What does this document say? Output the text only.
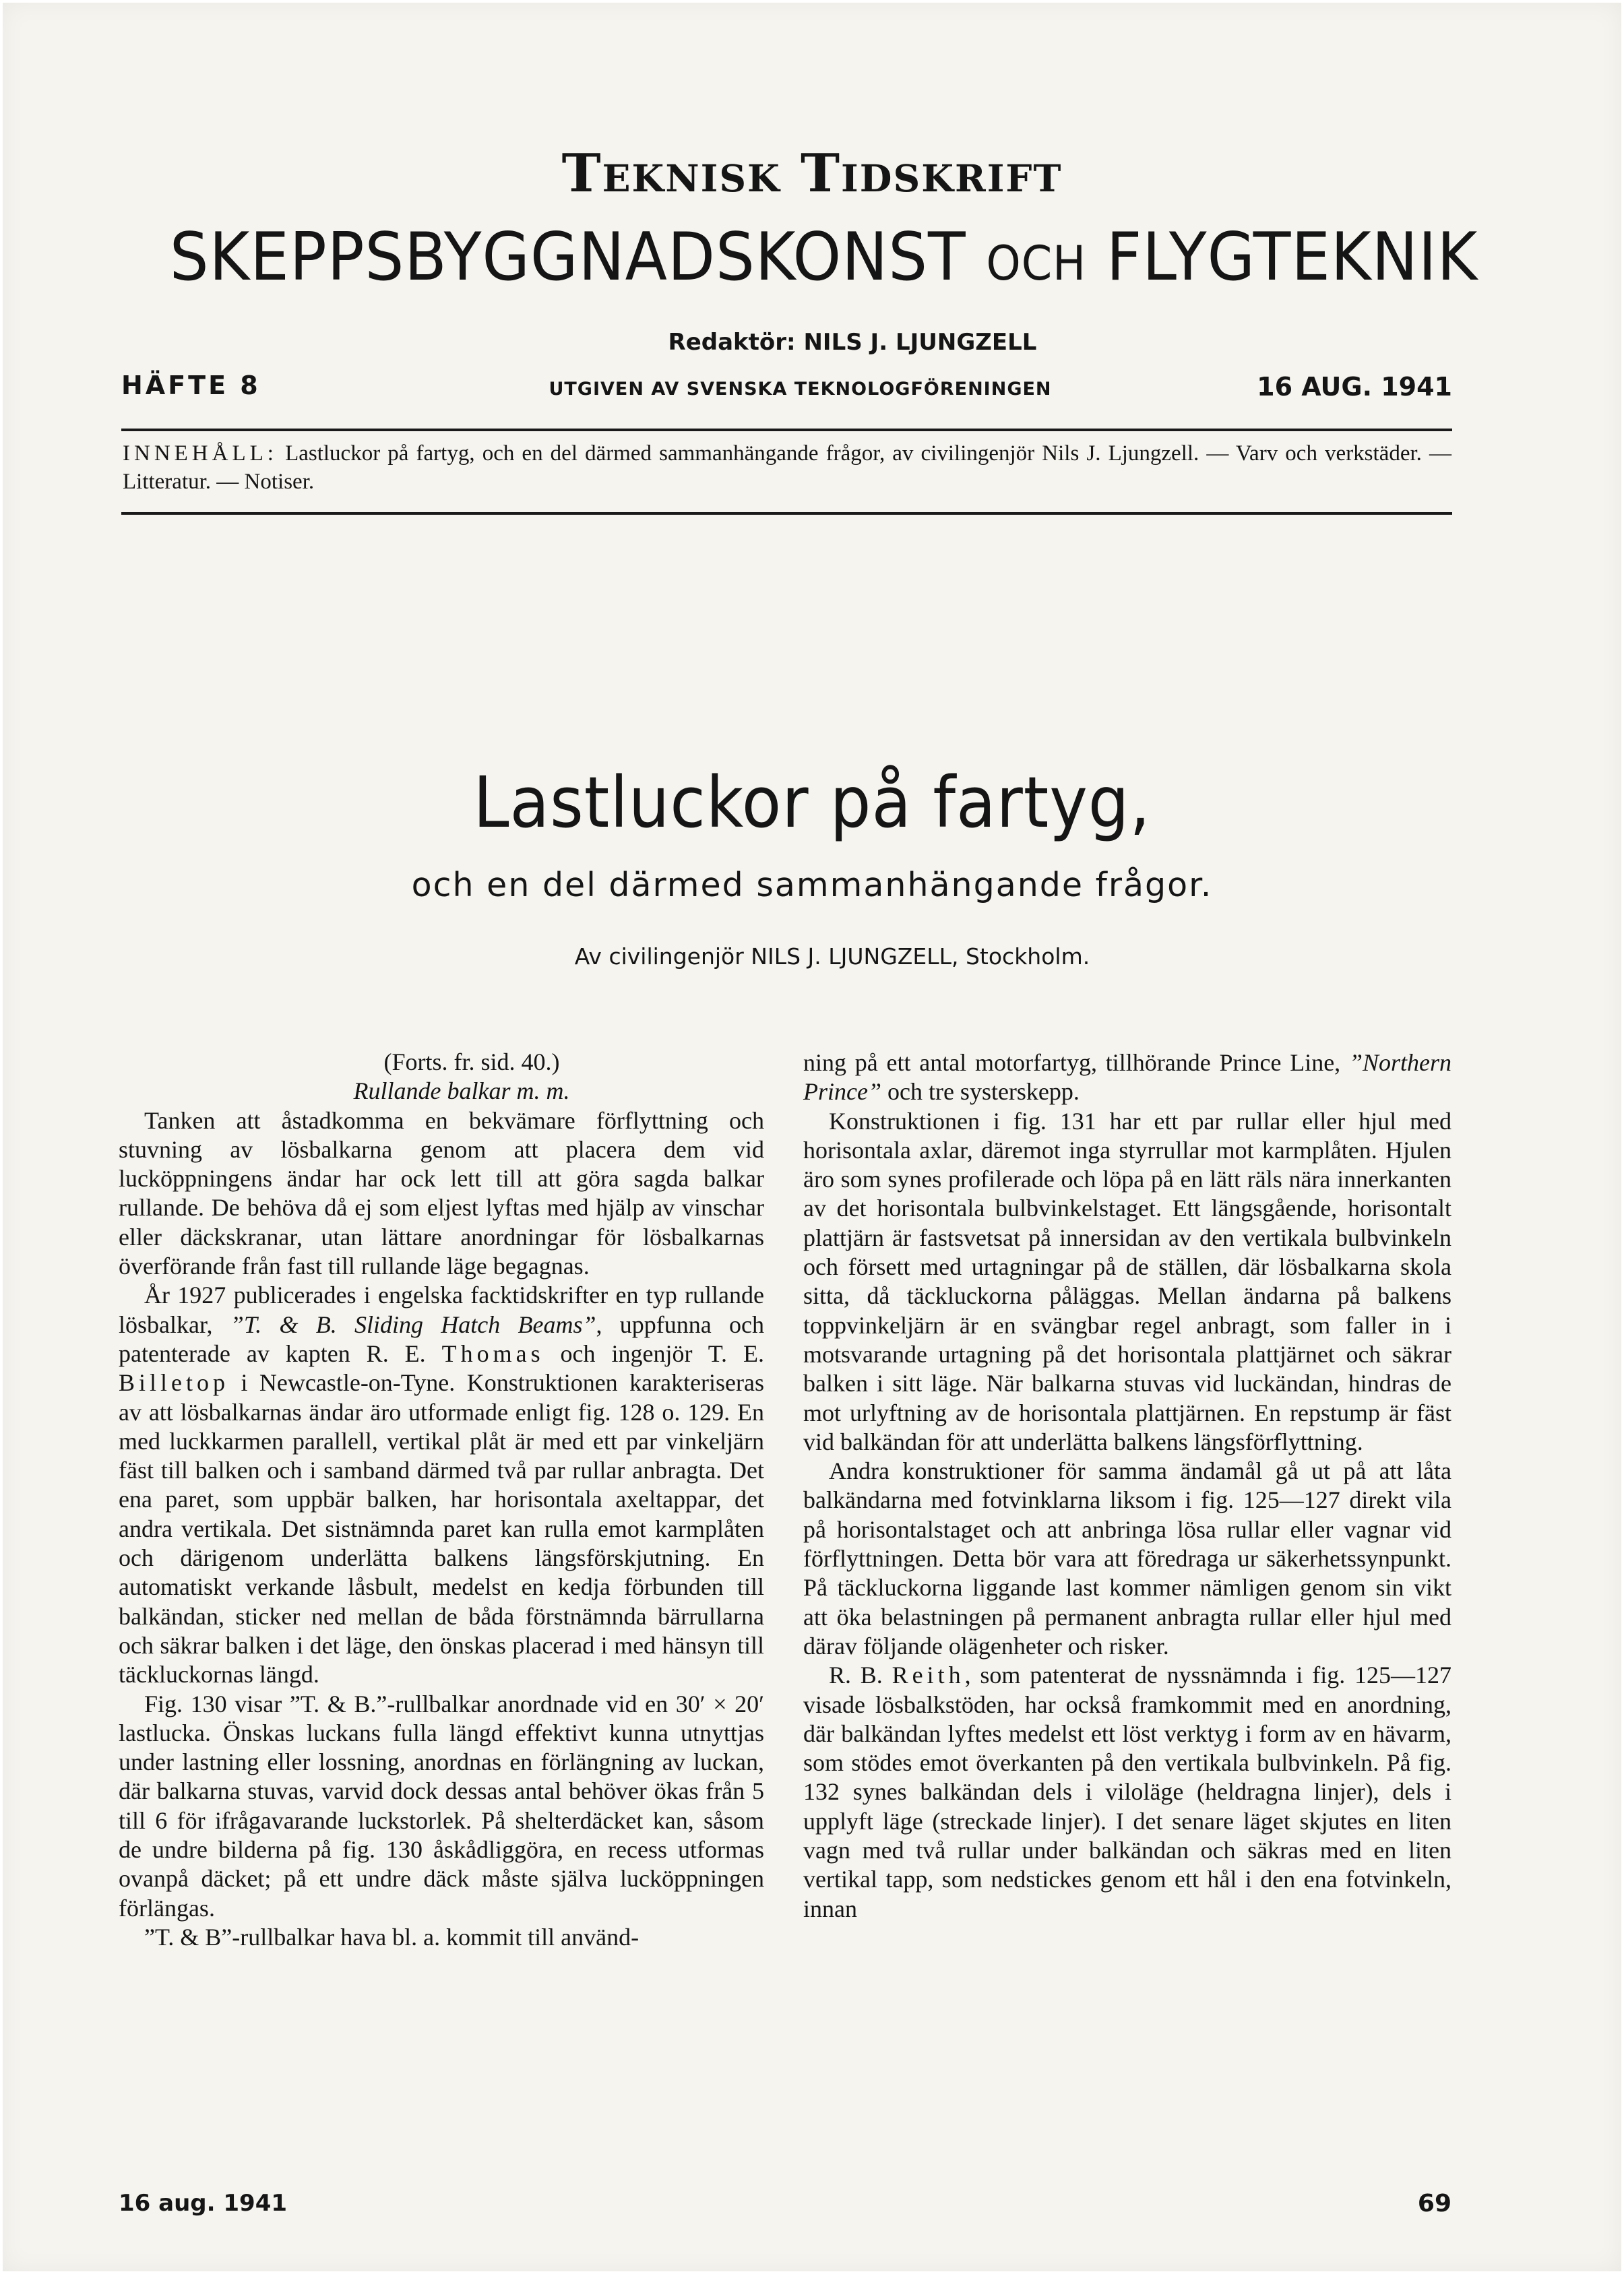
Teknisk Tidskrift
SKEPPSBYGGNADSKONST OCH FLYGTEKNIK
Redaktör: NILS J. LJUNGZELL
HÄFTE 8	UTGIVEN AV SVENSKA TEKNOLOGFÖRENINGEN	16 AUG. 1941
INNEHÅLL: Lastluckor på fartyg, och en del därmed sammanhängande frågor, av civilingenjör Nils J. Ljungzell. — Varv och verkstäder. — Litteratur. — Notiser.
Lastluckor på fartyg,
och en del därmed sammanhängande frågor.
Av civilingenjör NILS J. LJUNGZELL, Stockholm.

(Forts. fr. sid. 40.)

Rullande balkar m. m.

Tanken att åstadkomma en bekvämare förflyttning och stuvning av lösbalkarna genom att placera dem vid lucköppningens ändar har ock lett till att göra sagda balkar rullande. De behöva då ej som eljest lyftas med hjälp av vinschar eller däckskranar, utan lättare anordningar för lösbalkarnas överförande från fast till rullande läge begagnas.

År 1927 publicerades i engelska facktidskrifter en typ rullande lösbalkar, ”T. & B. Sliding Hatch Beams”, uppfunna och patenterade av kapten R. E. Thomas och ingenjör T. E. Billetop i Newcastle-on-Tyne. Konstruktionen karakteriseras av att lösbalkarnas ändar äro utformade enligt fig. 128 o. 129. En med luckkarmen parallell, vertikal plåt är med ett par vinkeljärn fäst till balken och i samband därmed två par rullar anbragta. Det ena paret, som uppbär balken, har horisontala axeltappar, det andra vertikala. Det sistnämnda paret kan rulla emot karmplåten och därigenom underlätta balkens längsförskjutning. En automatiskt verkande låsbult, medelst en kedja förbunden till balkändan, sticker ned mellan de båda förstnämnda bärrullarna och säkrar balken i det läge, den önskas placerad i med hänsyn till täckluckornas längd.

Fig. 130 visar ”T. & B.”-rullbalkar anordnade vid en 30′ × 20′ lastlucka. Önskas luckans fulla längd effektivt kunna utnyttjas under lastning eller lossning, anordnas en förlängning av luckan, där balkarna stuvas, varvid dock dessas antal behöver ökas från 5 till 6 för ifrågavarande luckstorlek. På shelterdäcket kan, såsom de undre bilderna på fig. 130 åskådliggöra, en recess utformas ovanpå däcket; på ett undre däck måste själva lucköppningen förlängas.

”T. & B”-rullbalkar hava bl. a. kommit till använd-

ning på ett antal motorfartyg, tillhörande Prince Line, ”Northern Prince” och tre systerskepp.

Konstruktionen i fig. 131 har ett par rullar eller hjul med horisontala axlar, däremot inga styrrullar mot karmplåten. Hjulen äro som synes profilerade och löpa på en lätt räls nära innerkanten av det horisontala bulbvinkelstaget. Ett längsgående, horisontalt plattjärn är fastsvetsat på innersidan av den vertikala bulbvinkeln och försett med urtagningar på de ställen, där lösbalkarna skola sitta, då täckluckorna påläggas. Mellan ändarna på balkens toppvinkeljärn är en svängbar regel anbragt, som faller in i motsvarande urtagning på det horisontala plattjärnet och säkrar balken i sitt läge. När balkarna stuvas vid luckändan, hindras de mot urlyftning av de horisontala plattjärnen. En repstump är fäst vid balkändan för att underlätta balkens längsförflyttning.

Andra konstruktioner för samma ändamål gå ut på att låta balkändarna med fotvinklarna liksom i fig. 125—127 direkt vila på horisontalstaget och att anbringa lösa rullar eller vagnar vid förflyttningen. Detta bör vara att föredraga ur säkerhetssynpunkt. På täckluckorna liggande last kommer nämligen genom sin vikt att öka belastningen på permanent anbragta rullar eller hjul med därav följande olägenheter och risker.

R. B. Reith, som patenterat de nyssnämnda i fig. 125—127 visade lösbalkstöden, har också framkommit med en anordning, där balkändan lyftes medelst ett löst verktyg i form av en hävarm, som stödes emot överkanten på den vertikala bulbvinkeln. På fig. 132 synes balkändan dels i viloläge (heldragna linjer), dels i upplyft läge (streckade linjer). I det senare läget skjutes en liten vagn med två rullar under balkändan och säkras med en liten vertikal tapp, som nedstickes genom ett hål i den ena fotvinkeln, innan

16 aug. 1941	69
